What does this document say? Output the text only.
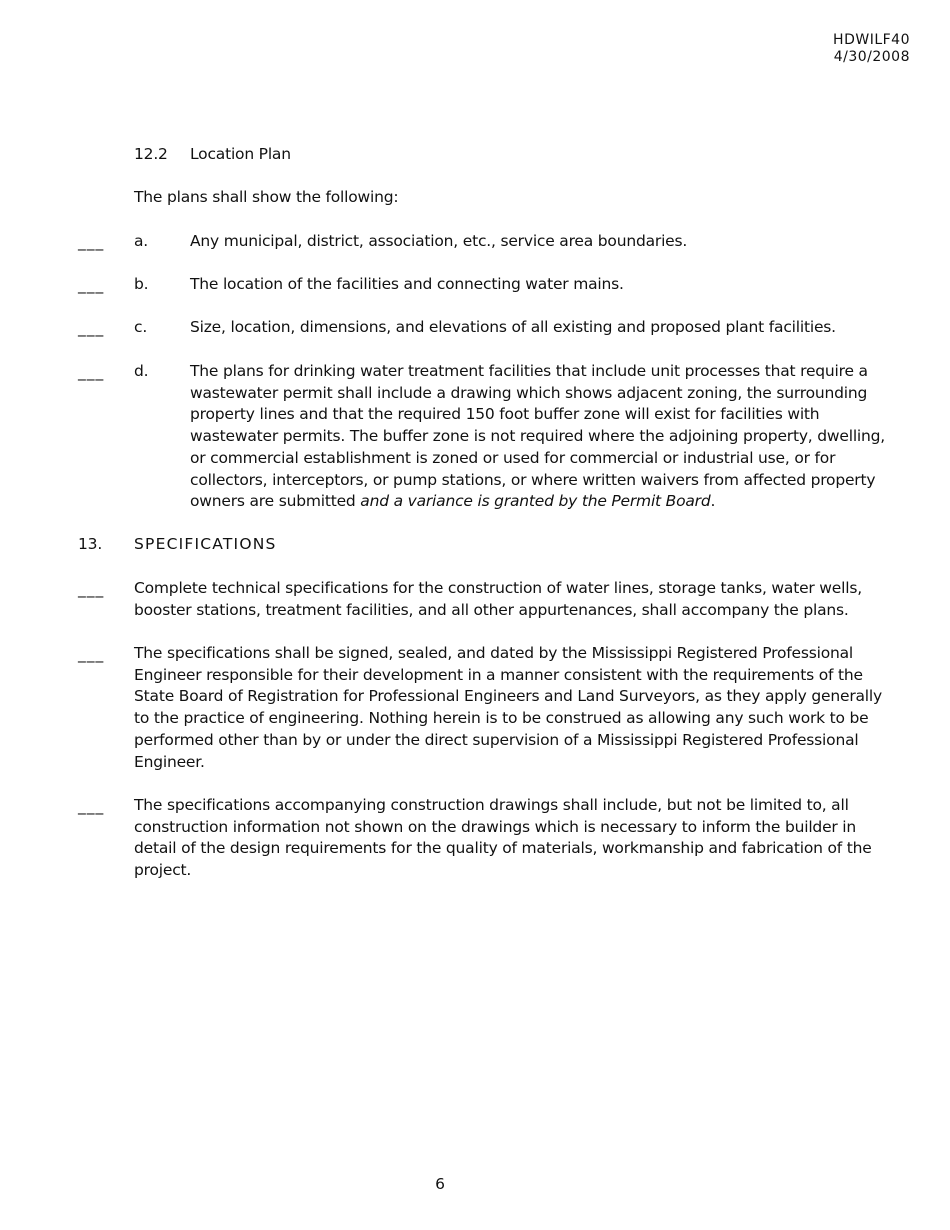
HDWILF40
4/30/2008
12.2 Location Plan
The plans shall show the following:
___ a.	Any municipal, district, association, etc., service area boundaries.
___ b.	The location of the facilities and connecting water mains.
___ c.	Size, location, dimensions, and elevations of all existing and proposed plant facilities.
___ d.	The plans for drinking water treatment facilities that include unit processes that require a wastewater permit shall include a drawing which shows adjacent zoning, the surrounding property lines and that the required 150 foot buffer zone will exist for facilities with wastewater permits. The buffer zone is not required where the adjoining property, dwelling, or commercial establishment is zoned or used for commercial or industrial use, or for collectors, interceptors, or pump stations, or where written waivers from affected property owners are submitted and a variance is granted by the Permit Board.
13. SPECIFICATIONS
___ Complete technical specifications for the construction of water lines, storage tanks, water wells, booster stations, treatment facilities, and all other appurtenances, shall accompany the plans.
___ The specifications shall be signed, sealed, and dated by the Mississippi Registered Professional Engineer responsible for their development in a manner consistent with the requirements of the State Board of Registration for Professional Engineers and Land Surveyors, as they apply generally to the practice of engineering. Nothing herein is to be construed as allowing any such work to be performed other than by or under the direct supervision of a Mississippi Registered Professional Engineer.
___ The specifications accompanying construction drawings shall include, but not be limited to, all construction information not shown on the drawings which is necessary to inform the builder in detail of the design requirements for the quality of materials, workmanship and fabrication of the project.
6
